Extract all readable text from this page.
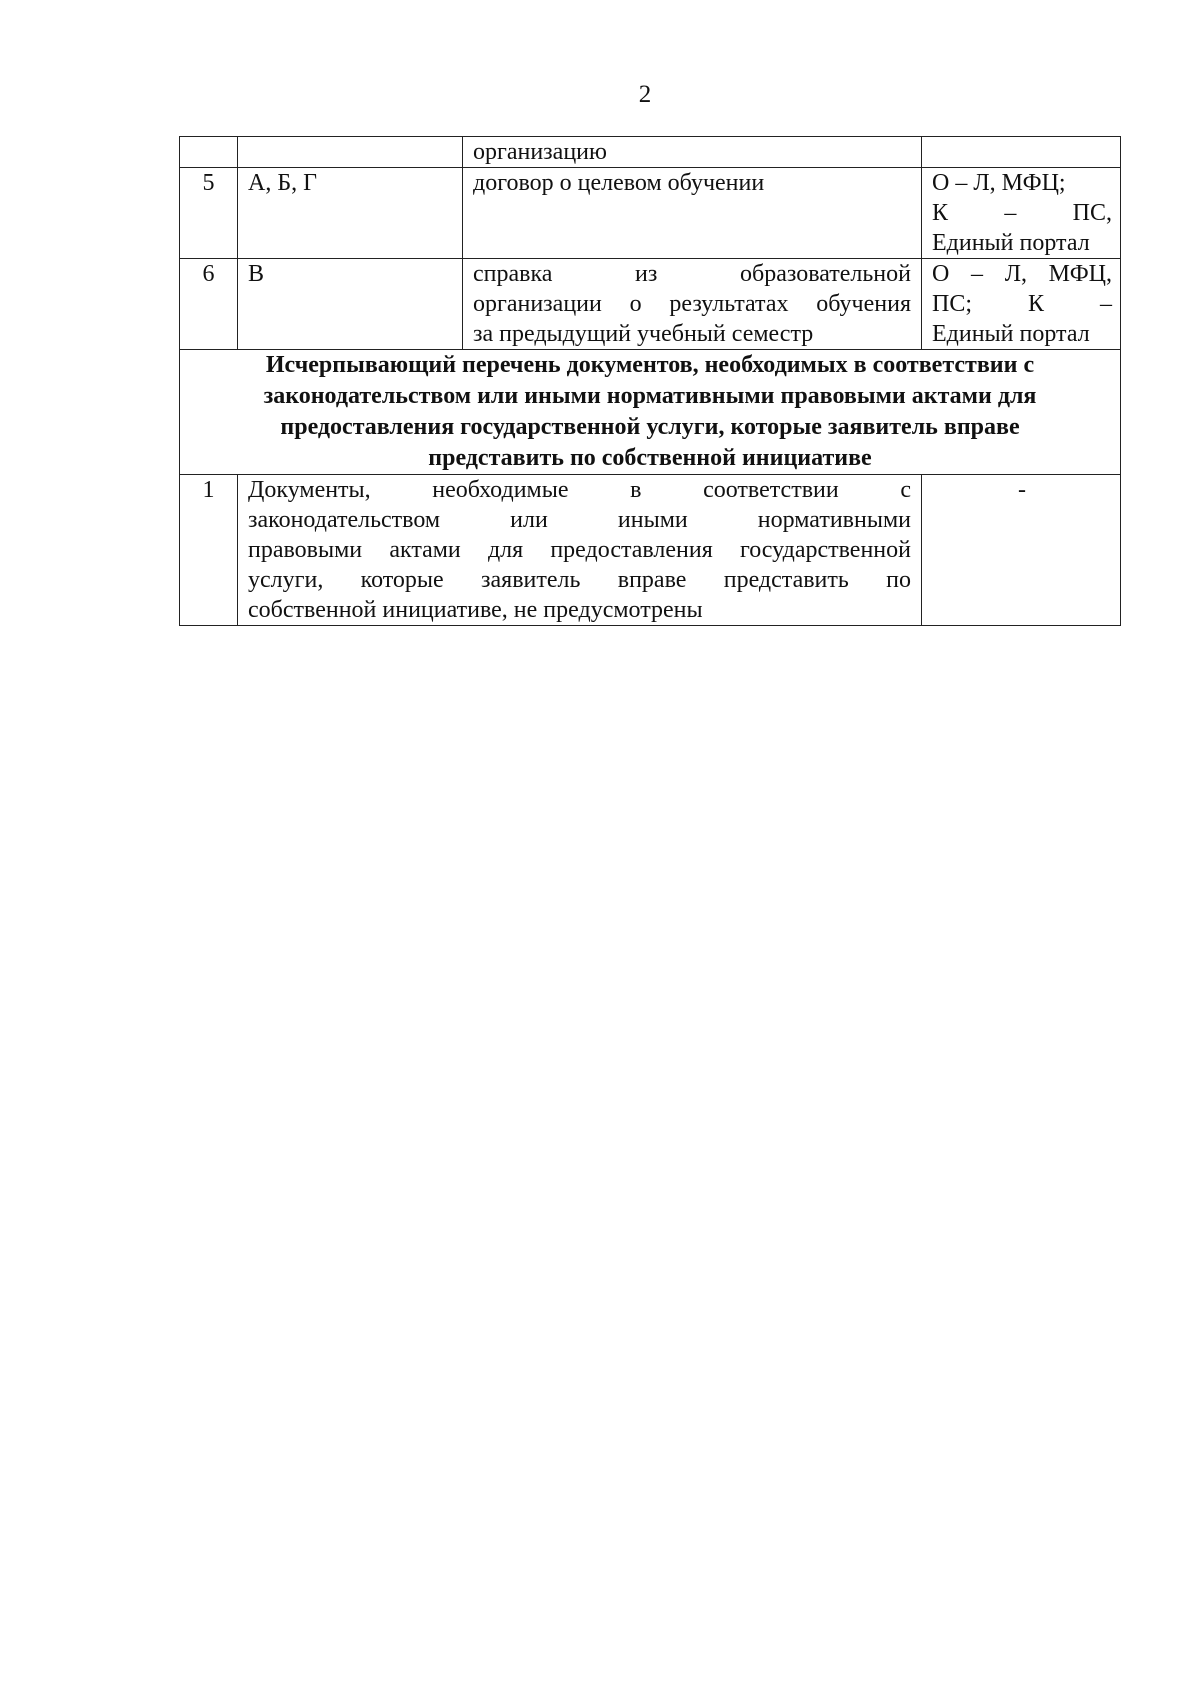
2

		организацию	

5	А, Б, Г	договор о целевом обучении	О – Л, МФЦ;
К – ПС,
Единый портал

6	В	справка из образовательной
организации о результатах обучения
за предыдущий учебный семестр	О – Л, МФЦ,
ПС; К –
Единый портал

Исчерпывающий перечень документов, необходимых в соответствии с
законодательством или иными нормативными правовыми актами для
предоставления государственной услуги, которые заявитель вправе
представить по собственной инициативе			

1	Документы, необходимые в соответствии с
законодательством или иными нормативными
правовыми актами для предоставления государственной
услуги, которые заявитель вправе представить по
собственной инициативе, не предусмотрены		-
